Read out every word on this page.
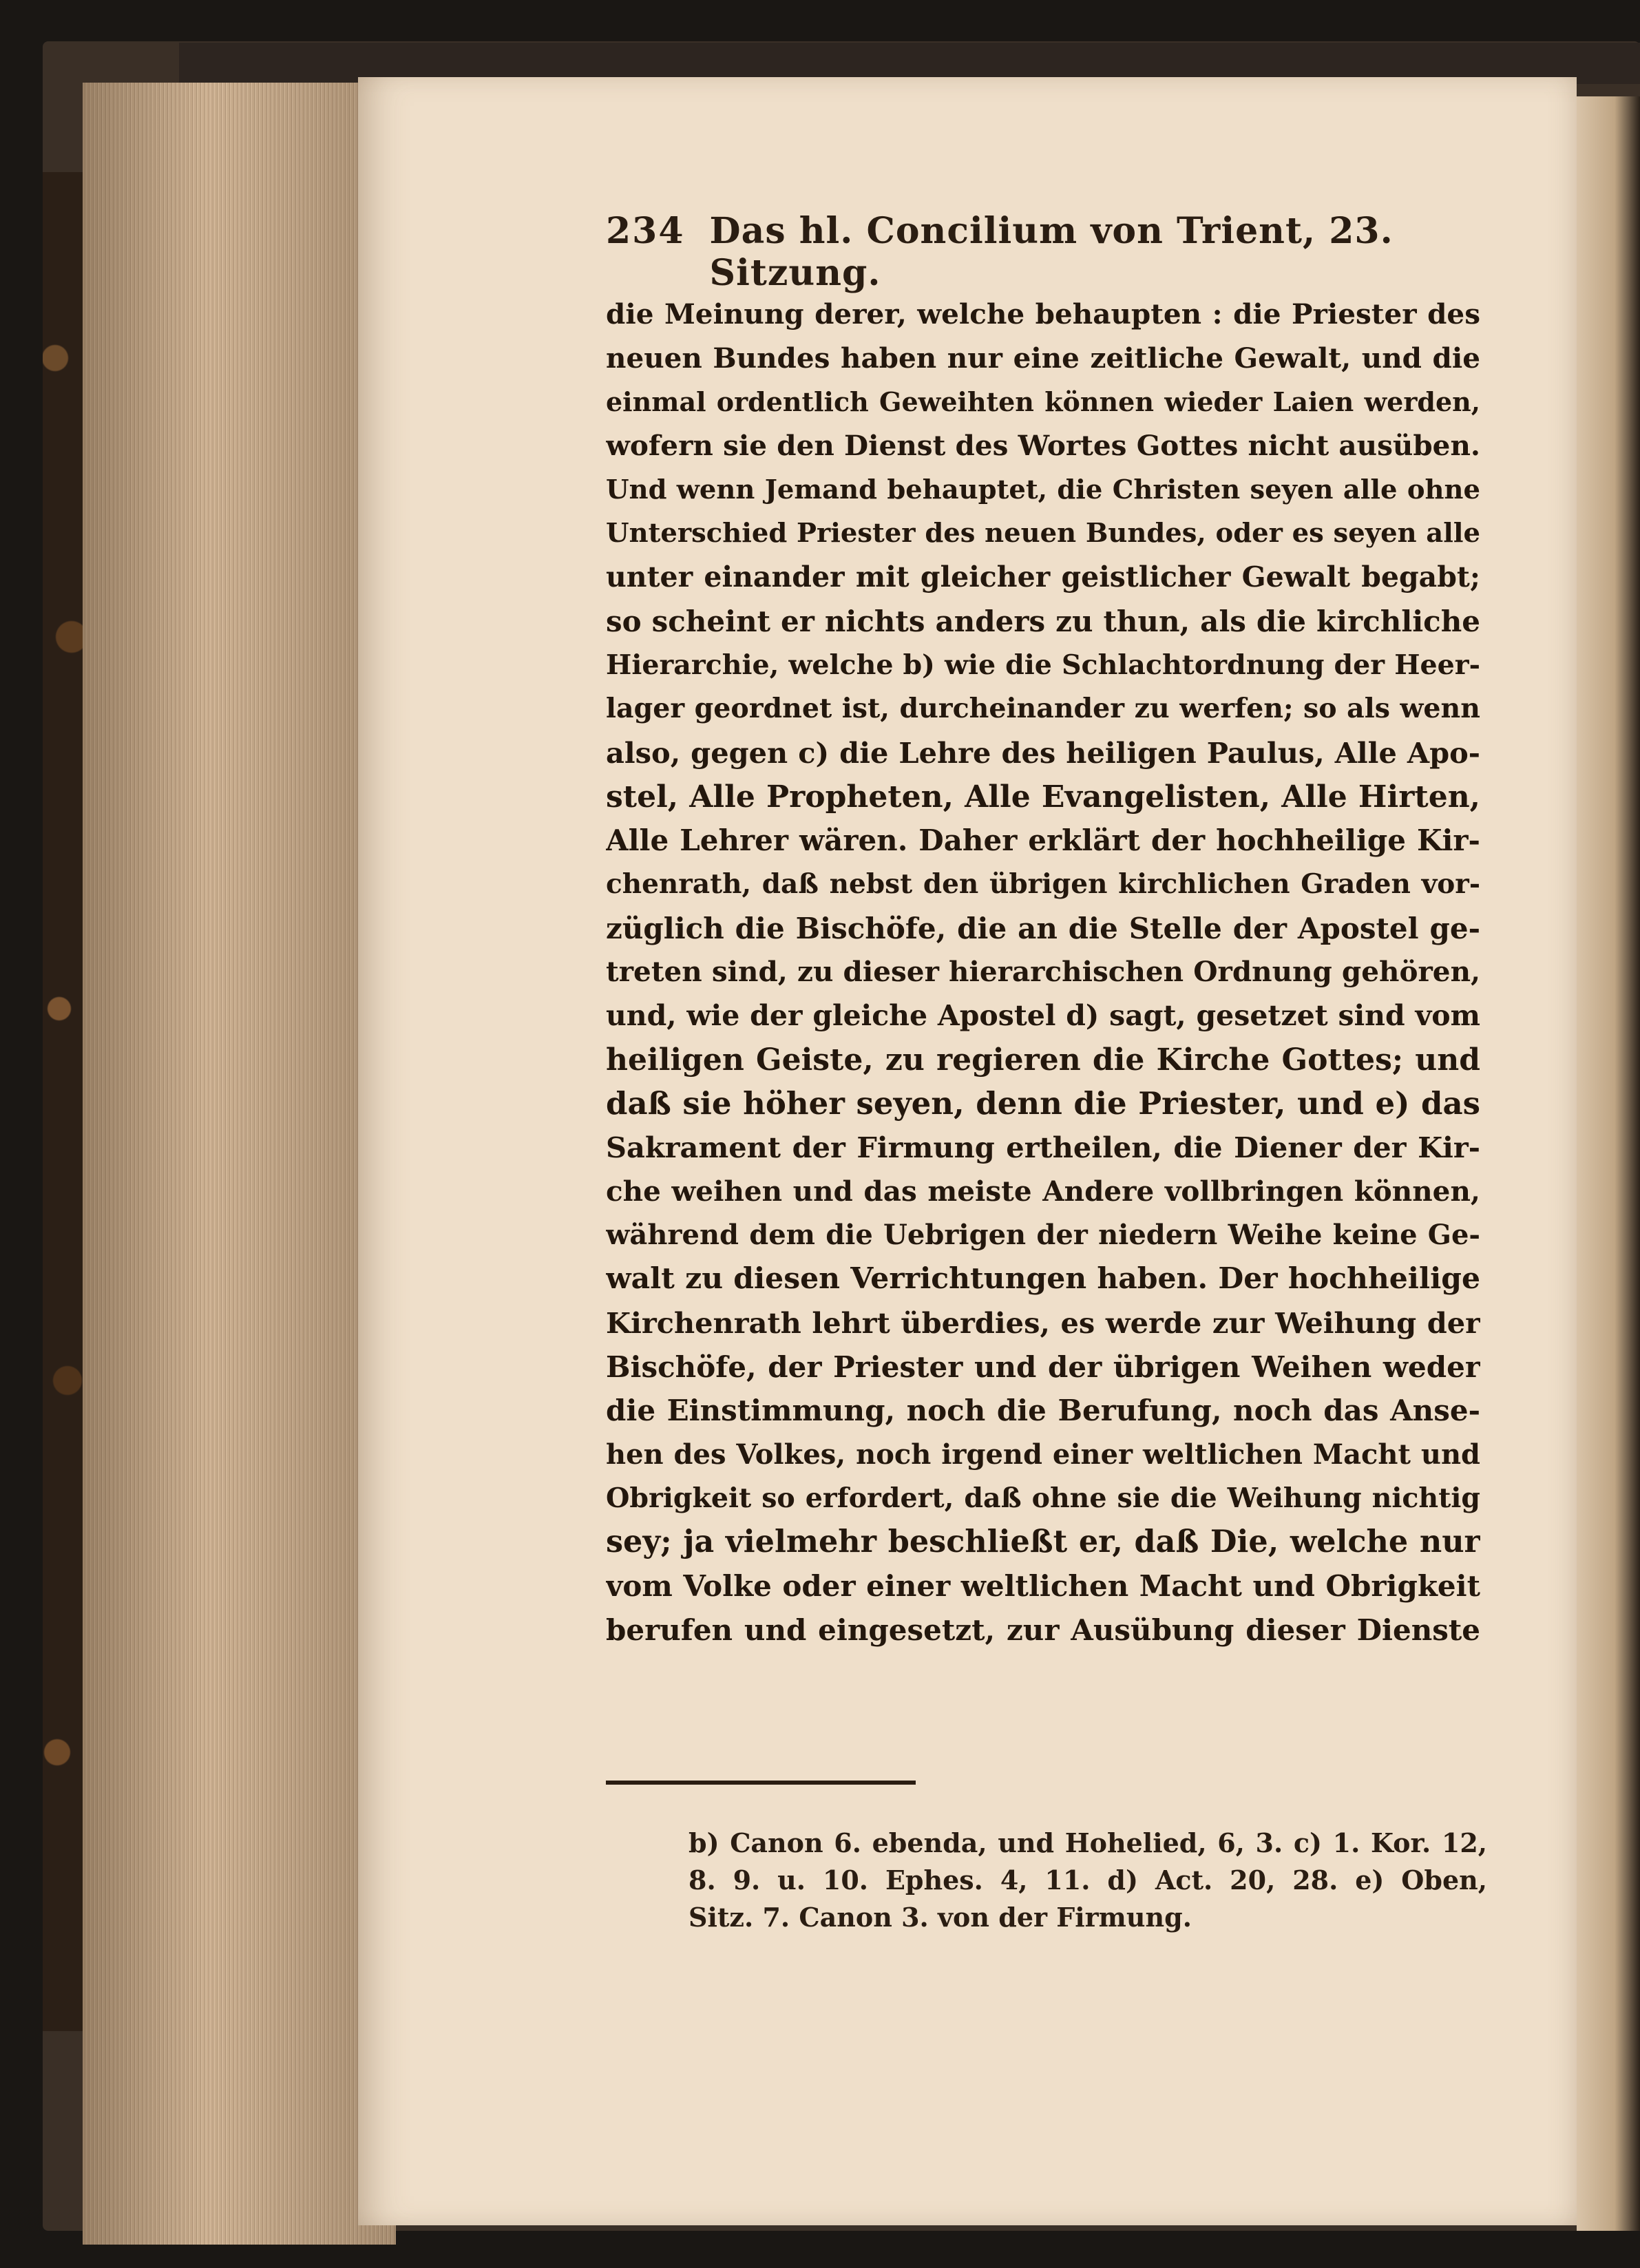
234 Das hl. Concilium von Trient, 23. Sitzung.
die Meinung derer, welche behaupten : die Priester des
neuen Bundes haben nur eine zeitliche Gewalt, und die
einmal ordentlich Geweihten können wieder Laien werden,
wofern sie den Dienst des Wortes Gottes nicht ausüben.
Und wenn Jemand behauptet, die Christen seyen alle ohne
Unterschied Priester des neuen Bundes, oder es seyen alle
unter einander mit gleicher geistlicher Gewalt begabt;
so scheint er nichts anders zu thun, als die kirchliche
Hierarchie, welche b) wie die Schlachtordnung der Heer-
lager geordnet ist, durcheinander zu werfen; so als wenn
also, gegen c) die Lehre des heiligen Paulus, Alle Apo-
stel, Alle Propheten, Alle Evangelisten, Alle Hirten,
Alle Lehrer wären. Daher erklärt der hochheilige Kir-
chenrath, daß nebst den übrigen kirchlichen Graden vor-
züglich die Bischöfe, die an die Stelle der Apostel ge-
treten sind, zu dieser hierarchischen Ordnung gehören,
und, wie der gleiche Apostel d) sagt, gesetzet sind vom
heiligen Geiste, zu regieren die Kirche Gottes; und
daß sie höher seyen, denn die Priester, und e) das
Sakrament der Firmung ertheilen, die Diener der Kir-
che weihen und das meiste Andere vollbringen können,
während dem die Uebrigen der niedern Weihe keine Ge-
walt zu diesen Verrichtungen haben. Der hochheilige
Kirchenrath lehrt überdies, es werde zur Weihung der
Bischöfe, der Priester und der übrigen Weihen weder
die Einstimmung, noch die Berufung, noch das Anse-
hen des Volkes, noch irgend einer weltlichen Macht und
Obrigkeit so erfordert, daß ohne sie die Weihung nichtig
sey; ja vielmehr beschließt er, daß Die, welche nur
vom Volke oder einer weltlichen Macht und Obrigkeit
berufen und eingesetzt, zur Ausübung dieser Dienste
b) Canon 6. ebenda, und Hohelied, 6, 3. c) 1. Kor. 12,
8. 9. u. 10. Ephes. 4, 11. d) Act. 20, 28. e) Oben,
Sitz. 7. Canon 3. von der Firmung.
